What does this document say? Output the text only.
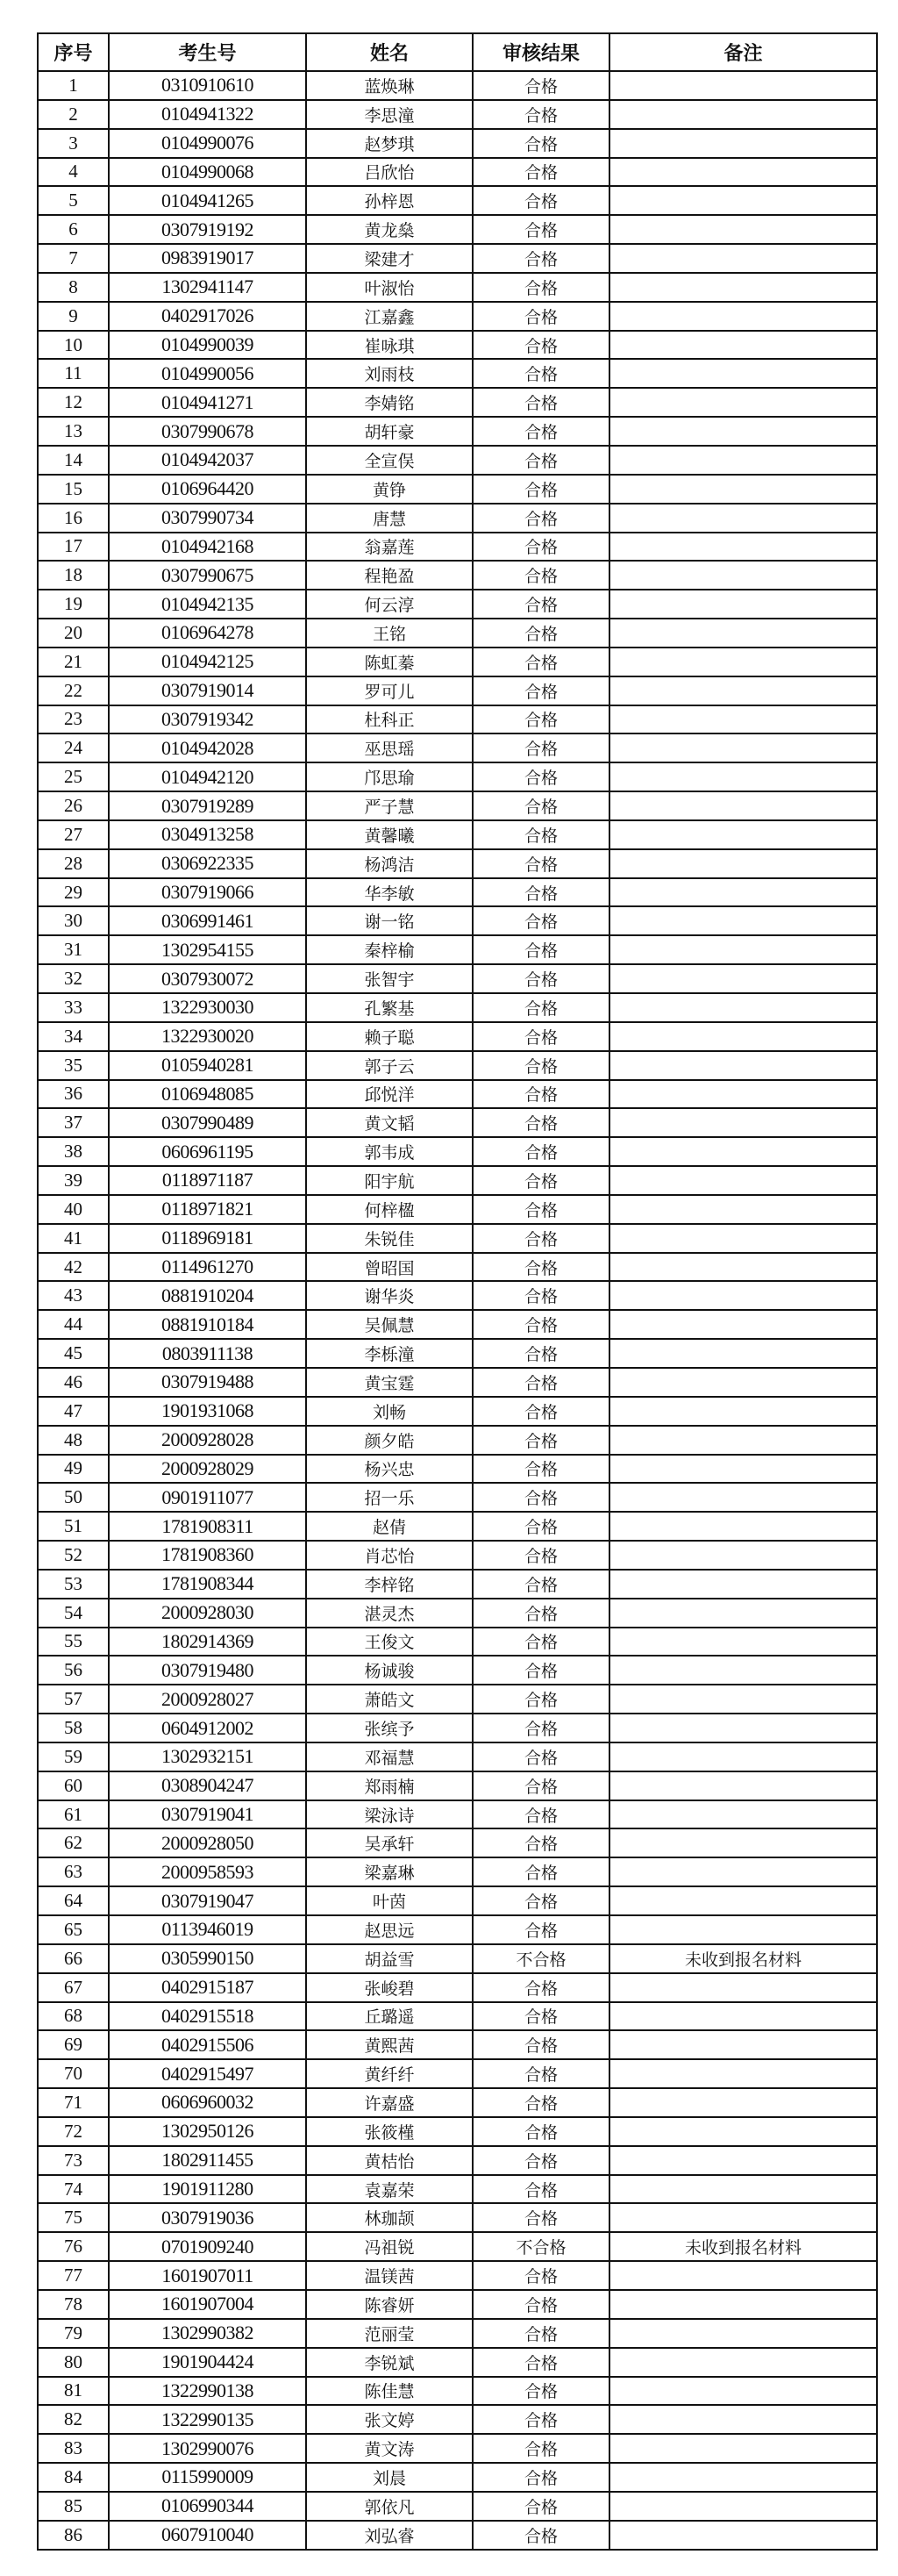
序号	考生号	姓名	审核结果	备注
1	0310910610	蓝焕琳	合格	
2	0104941322	李思潼	合格	
3	0104990076	赵梦琪	合格	
4	0104990068	吕欣怡	合格	
5	0104941265	孙梓恩	合格	
6	0307919192	黄龙燊	合格	
7	0983919017	梁建才	合格	
8	1302941147	叶淑怡	合格	
9	0402917026	江嘉鑫	合格	
10	0104990039	崔咏琪	合格	
11	0104990056	刘雨枝	合格	
12	0104941271	李婧铭	合格	
13	0307990678	胡轩豪	合格	
14	0104942037	全宣俣	合格	
15	0106964420	黄铮	合格	
16	0307990734	唐慧	合格	
17	0104942168	翁嘉莲	合格	
18	0307990675	程艳盈	合格	
19	0104942135	何云淳	合格	
20	0106964278	王铭	合格	
21	0104942125	陈虹蓁	合格	
22	0307919014	罗可儿	合格	
23	0307919342	杜科正	合格	
24	0104942028	巫思瑶	合格	
25	0104942120	邝思瑜	合格	
26	0307919289	严子慧	合格	
27	0304913258	黄馨曦	合格	
28	0306922335	杨鸿洁	合格	
29	0307919066	华李敏	合格	
30	0306991461	谢一铭	合格	
31	1302954155	秦梓榆	合格	
32	0307930072	张智宇	合格	
33	1322930030	孔繁基	合格	
34	1322930020	赖子聪	合格	
35	0105940281	郭子云	合格	
36	0106948085	邱悦洋	合格	
37	0307990489	黄文韬	合格	
38	0606961195	郭韦成	合格	
39	0118971187	阳宇航	合格	
40	0118971821	何梓楹	合格	
41	0118969181	朱锐佳	合格	
42	0114961270	曾昭国	合格	
43	0881910204	谢华炎	合格	
44	0881910184	吴佩慧	合格	
45	0803911138	李栎潼	合格	
46	0307919488	黄宝霆	合格	
47	1901931068	刘畅	合格	
48	2000928028	颜夕皓	合格	
49	2000928029	杨兴忠	合格	
50	0901911077	招一乐	合格	
51	1781908311	赵倩	合格	
52	1781908360	肖芯怡	合格	
53	1781908344	李梓铭	合格	
54	2000928030	湛灵杰	合格	
55	1802914369	王俊文	合格	
56	0307919480	杨诚骏	合格	
57	2000928027	萧皓文	合格	
58	0604912002	张缤予	合格	
59	1302932151	邓福慧	合格	
60	0308904247	郑雨楠	合格	
61	0307919041	梁泳诗	合格	
62	2000928050	吴承轩	合格	
63	2000958593	梁嘉琳	合格	
64	0307919047	叶茵	合格	
65	0113946019	赵思远	合格	
66	0305990150	胡益雪	不合格	未收到报名材料
67	0402915187	张峻碧	合格	
68	0402915518	丘璐遥	合格	
69	0402915506	黄熙茜	合格	
70	0402915497	黄纤纤	合格	
71	0606960032	许嘉盛	合格	
72	1302950126	张筱槿	合格	
73	1802911455	黄桔怡	合格	
74	1901911280	袁嘉荣	合格	
75	0307919036	林珈颉	合格	
76	0701909240	冯祖锐	不合格	未收到报名材料
77	1601907011	温镁茜	合格	
78	1601907004	陈睿妍	合格	
79	1302990382	范丽莹	合格	
80	1901904424	李锐斌	合格	
81	1322990138	陈佳慧	合格	
82	1322990135	张文婷	合格	
83	1302990076	黄文涛	合格	
84	0115990009	刘晨	合格	
85	0106990344	郭依凡	合格	
86	0607910040	刘弘睿	合格	
